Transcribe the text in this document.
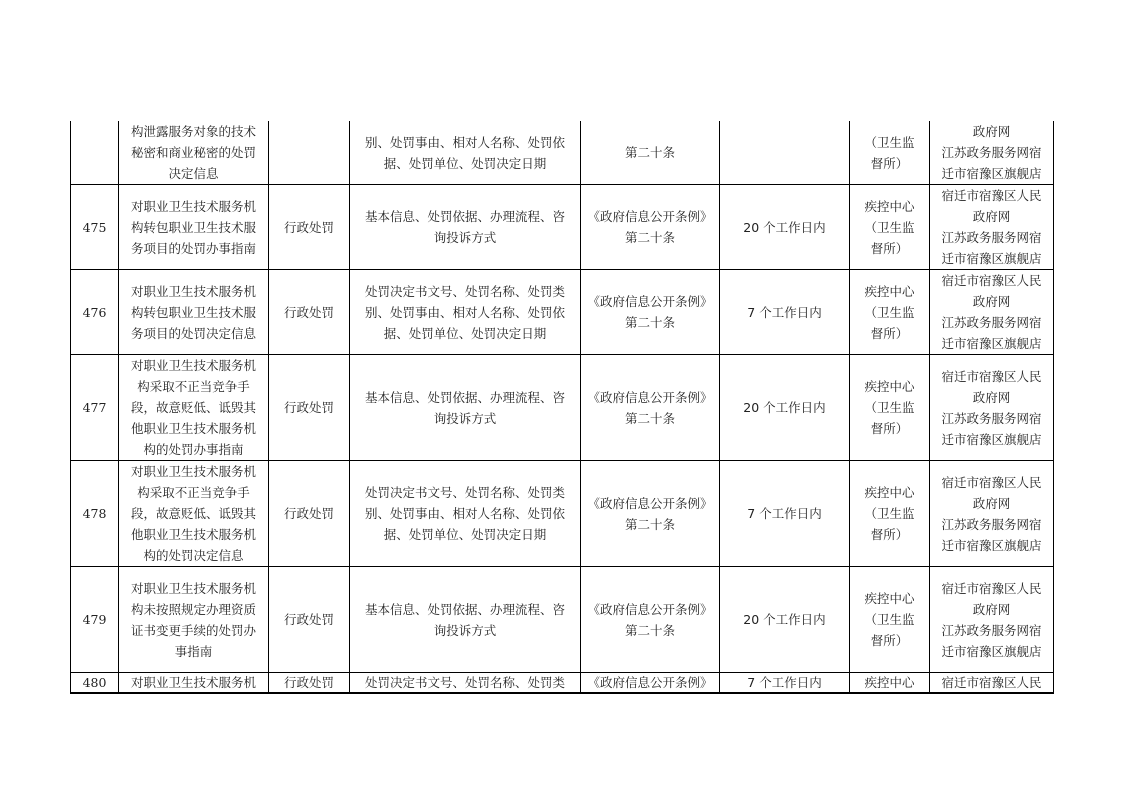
	构泄露服务对象的技术
秘密和商业秘密的处罚
决定信息		别、处罚事由、相对人名称、处罚依
据、处罚单位、处罚决定日期	第二十条		（卫生监
督所）	政府网
江苏政务服务网宿
迁市宿豫区旗舰店

475	对职业卫生技术服务机
构转包职业卫生技术服
务项目的处罚办事指南	行政处罚	基本信息、处罚依据、办理流程、咨
询投诉方式	《政府信息公开条例》
第二十条	20 个工作日内	疾控中心
（卫生监
督所）	宿迁市宿豫区人民
政府网
江苏政务服务网宿
迁市宿豫区旗舰店

476	对职业卫生技术服务机
构转包职业卫生技术服
务项目的处罚决定信息	行政处罚	处罚决定书文号、处罚名称、处罚类
别、处罚事由、相对人名称、处罚依
据、处罚单位、处罚决定日期	《政府信息公开条例》
第二十条	7 个工作日内	疾控中心
（卫生监
督所）	宿迁市宿豫区人民
政府网
江苏政务服务网宿
迁市宿豫区旗舰店

477	对职业卫生技术服务机
构采取不正当竞争手
段，故意贬低、诋毁其
他职业卫生技术服务机
构的处罚办事指南	行政处罚	基本信息、处罚依据、办理流程、咨
询投诉方式	《政府信息公开条例》
第二十条	20 个工作日内	疾控中心
（卫生监
督所）	宿迁市宿豫区人民
政府网
江苏政务服务网宿
迁市宿豫区旗舰店

478	对职业卫生技术服务机
构采取不正当竞争手
段，故意贬低、诋毁其
他职业卫生技术服务机
构的处罚决定信息	行政处罚	处罚决定书文号、处罚名称、处罚类
别、处罚事由、相对人名称、处罚依
据、处罚单位、处罚决定日期	《政府信息公开条例》
第二十条	7 个工作日内	疾控中心
（卫生监
督所）	宿迁市宿豫区人民
政府网
江苏政务服务网宿
迁市宿豫区旗舰店

479	对职业卫生技术服务机
构未按照规定办理资质
证书变更手续的处罚办
事指南	行政处罚	基本信息、处罚依据、办理流程、咨
询投诉方式	《政府信息公开条例》
第二十条	20 个工作日内	疾控中心
（卫生监
督所）	宿迁市宿豫区人民
政府网
江苏政务服务网宿
迁市宿豫区旗舰店

480	对职业卫生技术服务机	行政处罚	处罚决定书文号、处罚名称、处罚类	《政府信息公开条例》	7 个工作日内	疾控中心	宿迁市宿豫区人民
